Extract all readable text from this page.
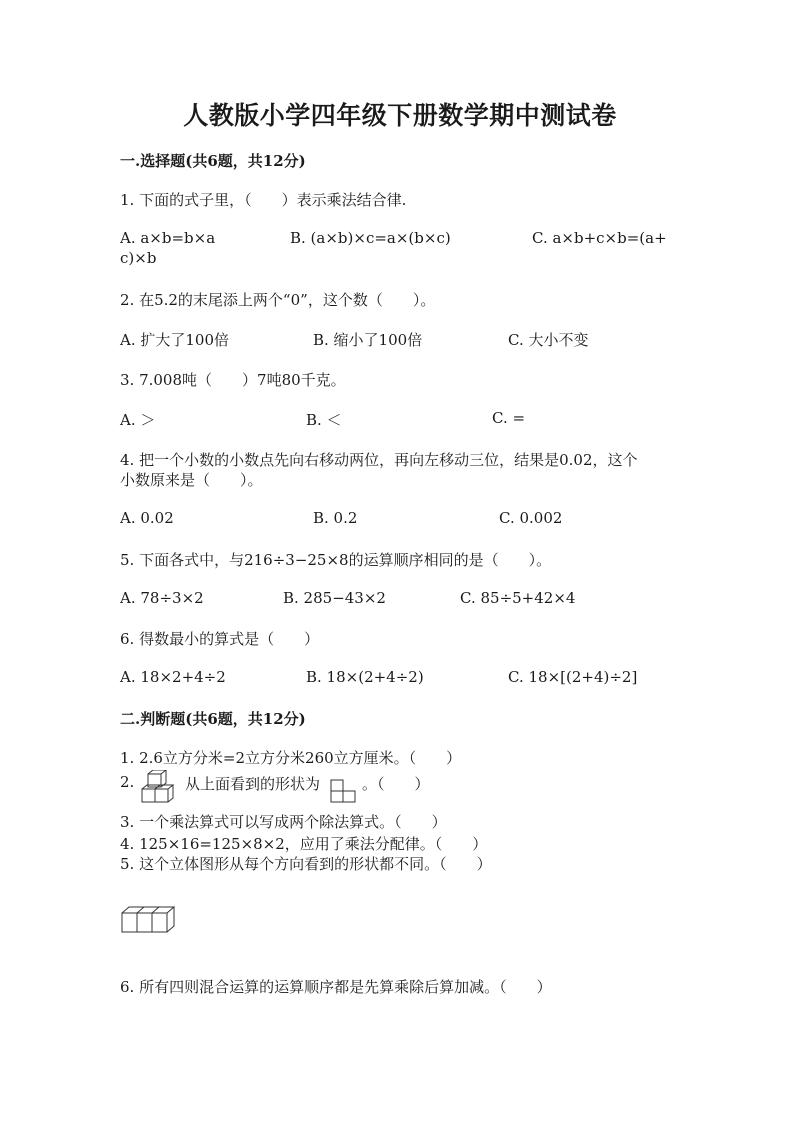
人教版小学四年级下册数学期中测试卷
一.选择题(共6题，共12分)
1. 下面的式子里，（　　）表示乘法结合律.
A. a×b=b×a	B. (a×b)×c=a×(b×c)	C. a×b+c×b=(a+
c)×b
2. 在5.2的末尾添上两个“0”，这个数（　　）。
A. 扩大了100倍	B. 缩小了100倍	C. 大小不变
3. 7.008吨（　　）7吨80千克。
A. ＞	B. ＜	C. =
4. 把一个小数的小数点先向右移动两位，再向左移动三位，结果是0.02，这个
小数原来是（　　）。
A. 0.02	B. 0.2	C. 0.002
5. 下面各式中，与216÷3−25×8的运算顺序相同的是（　　）。
A. 78÷3×2	B. 285−43×2	C. 85÷5+42×4
6. 得数最小的算式是（　　）
A. 18×2+4÷2	B. 18×(2+4÷2)	C. 18×[(2+4)÷2]
二.判断题(共6题，共12分)
1. 2.6立方分米=2立方分米260立方厘米。（　　）
2.	从上面看到的形状为	。（　　）
3. 一个乘法算式可以写成两个除法算式。（　　）
4. 125×16=125×8×2，应用了乘法分配律。（　　）
5. 这个立体图形从每个方向看到的形状都不同。（　　）
6. 所有四则混合运算的运算顺序都是先算乘除后算加减。（　　）
